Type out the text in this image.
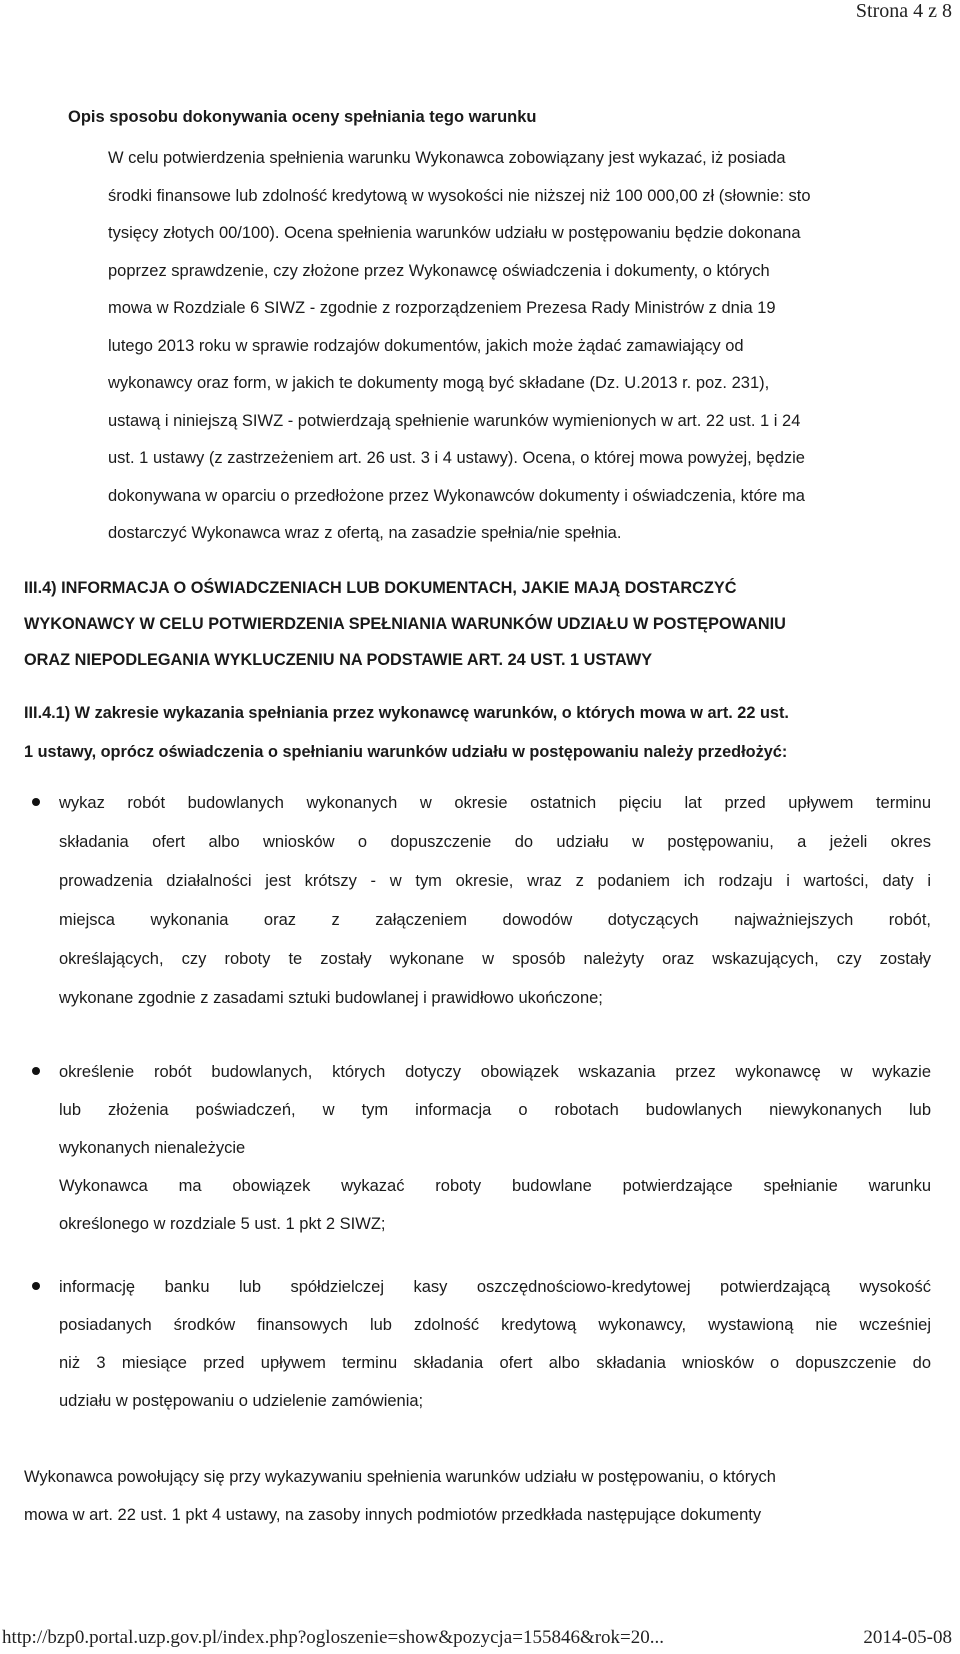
Strona 4 z 8
Opis sposobu dokonywania oceny spełniania tego warunku
W celu potwierdzenia spełnienia warunku Wykonawca zobowiązany jest wykazać, iż posiada
środki finansowe lub zdolność kredytową w wysokości nie niższej niż 100 000,00 zł (słownie: sto
tysięcy złotych 00/100). Ocena spełnienia warunków udziału w postępowaniu będzie dokonana
poprzez sprawdzenie, czy złożone przez Wykonawcę oświadczenia i dokumenty, o których
mowa w Rozdziale 6 SIWZ - zgodnie z rozporządzeniem Prezesa Rady Ministrów z dnia 19
lutego 2013 roku w sprawie rodzajów dokumentów, jakich może żądać zamawiający od
wykonawcy oraz form, w jakich te dokumenty mogą być składane (Dz. U.2013 r. poz. 231),
ustawą i niniejszą SIWZ - potwierdzają spełnienie warunków wymienionych w art. 22 ust. 1 i 24
ust. 1 ustawy (z zastrzeżeniem art. 26 ust. 3 i 4 ustawy). Ocena, o której mowa powyżej, będzie
dokonywana w oparciu o przedłożone przez Wykonawców dokumenty i oświadczenia, które ma
dostarczyć Wykonawca wraz z ofertą, na zasadzie spełnia/nie spełnia.
III.4) INFORMACJA O OŚWIADCZENIACH LUB DOKUMENTACH, JAKIE MAJĄ DOSTARCZYĆ
WYKONAWCY W CELU POTWIERDZENIA SPEŁNIANIA WARUNKÓW UDZIAŁU W POSTĘPOWANIU
ORAZ NIEPODLEGANIA WYKLUCZENIU NA PODSTAWIE ART. 24 UST. 1 USTAWY
III.4.1) W zakresie wykazania spełniania przez wykonawcę warunków, o których mowa w art. 22 ust.
1 ustawy, oprócz oświadczenia o spełnianiu warunków udziału w postępowaniu należy przedłożyć:
wykaz robót budowlanych wykonanych w okresie ostatnich pięciu lat przed upływem terminu
składania ofert albo wniosków o dopuszczenie do udziału w postępowaniu, a jeżeli okres
prowadzenia działalności jest krótszy - w tym okresie, wraz z podaniem ich rodzaju i wartości, daty i
miejsca wykonania oraz z załączeniem dowodów dotyczących najważniejszych robót,
określających, czy roboty te zostały wykonane w sposób należyty oraz wskazujących, czy zostały
wykonane zgodnie z zasadami sztuki budowlanej i prawidłowo ukończone;
określenie robót budowlanych, których dotyczy obowiązek wskazania przez wykonawcę w wykazie
lub złożenia poświadczeń, w tym informacja o robotach budowlanych niewykonanych lub
wykonanych nienależycie
Wykonawca ma obowiązek wykazać roboty budowlane potwierdzające spełnianie warunku
określonego w rozdziale 5 ust. 1 pkt 2 SIWZ;
informację banku lub spółdzielczej kasy oszczędnościowo-kredytowej potwierdzającą wysokość
posiadanych środków finansowych lub zdolność kredytową wykonawcy, wystawioną nie wcześniej
niż 3 miesiące przed upływem terminu składania ofert albo składania wniosków o dopuszczenie do
udziału w postępowaniu o udzielenie zamówienia;
Wykonawca powołujący się przy wykazywaniu spełnienia warunków udziału w postępowaniu, o których
mowa w art. 22 ust. 1 pkt 4 ustawy, na zasoby innych podmiotów przedkłada następujące dokumenty
http://bzp0.portal.uzp.gov.pl/index.php?ogloszenie=show&pozycja=155846&rok=20...	2014-05-08
